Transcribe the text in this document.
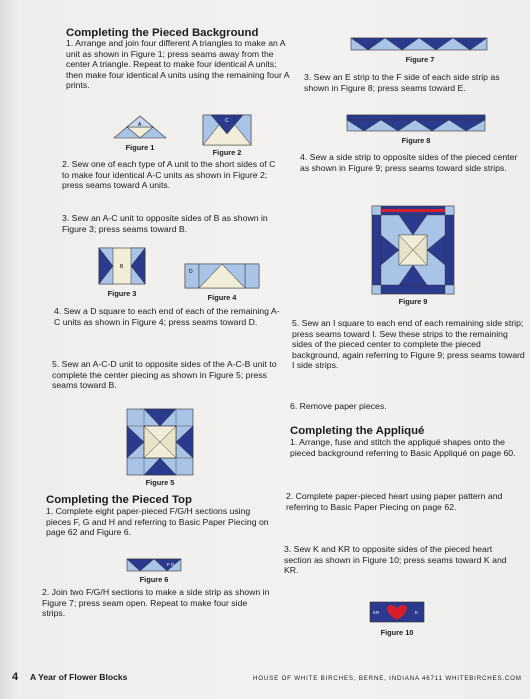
Completing the Pieced Background

1. Arrange and join four different A triangles to make an A unit as shown in Figure 1; press seams away from the center A triangle. Repeat to make four identical A units; then make four identical A units using the remaining four A prints.

A
Figure 1
C
Figure 2

2. Sew one of each type of A unit to the short sides of C to make four identical A-C units as shown in Figure 2; press seams toward A units.

3. Sew an A-C unit to opposite sides of B as shown in Figure 3; press seams toward B.

B
Figure 3
D
Figure 4

4. Sew a D square to each end of each of the remaining A-C units as shown in Figure 4; press seams toward D.

5. Sew an A-C-D unit to opposite sides of the A-C-B unit to complete the center piecing as shown in Figure 5; press seams toward B.

Figure 5
Completing the Pieced Top

1. Complete eight paper-pieced F/G/H sections using pieces F, G and H and referring to Basic Paper Piecing on page 62 and Figure 6.

F G
Figure 6

2. Join two F/G/H sections to make a side strip as shown in Figure 7; press seam open. Repeat to make four side strips.

Figure 7

3. Sew an E strip to the F side of each side strip as shown in Figure 8; press seams toward E.

Figure 8

4. Sew a side strip to opposite sides of the pieced center as shown in Figure 9; press seams toward side strips.

Figure 9

5. Sew an I square to each end of each remaining side strip; press seams toward I. Sew these strips to the remaining sides of the pieced center to complete the pieced background, again referring to Figure 9; press seams toward I side strips.

6. Remove paper pieces.

Completing the Appliqué

1. Arrange, fuse and stitch the appliqué shapes onto the pieced background referring to Basic Appliqué on page 60.

2. Complete paper-pieced heart using paper pattern and referring to Basic Paper Piecing on page 62.

3. Sew K and KR to opposite sides of the pieced heart section as shown in Figure 10; press seams toward K and KR.

KR	K
Figure 10
4 A Year of Flower Blocks	HOUSE OF WHITE BIRCHES, BERNE, INDIANA 46711 WHITEBIRCHES.COM
